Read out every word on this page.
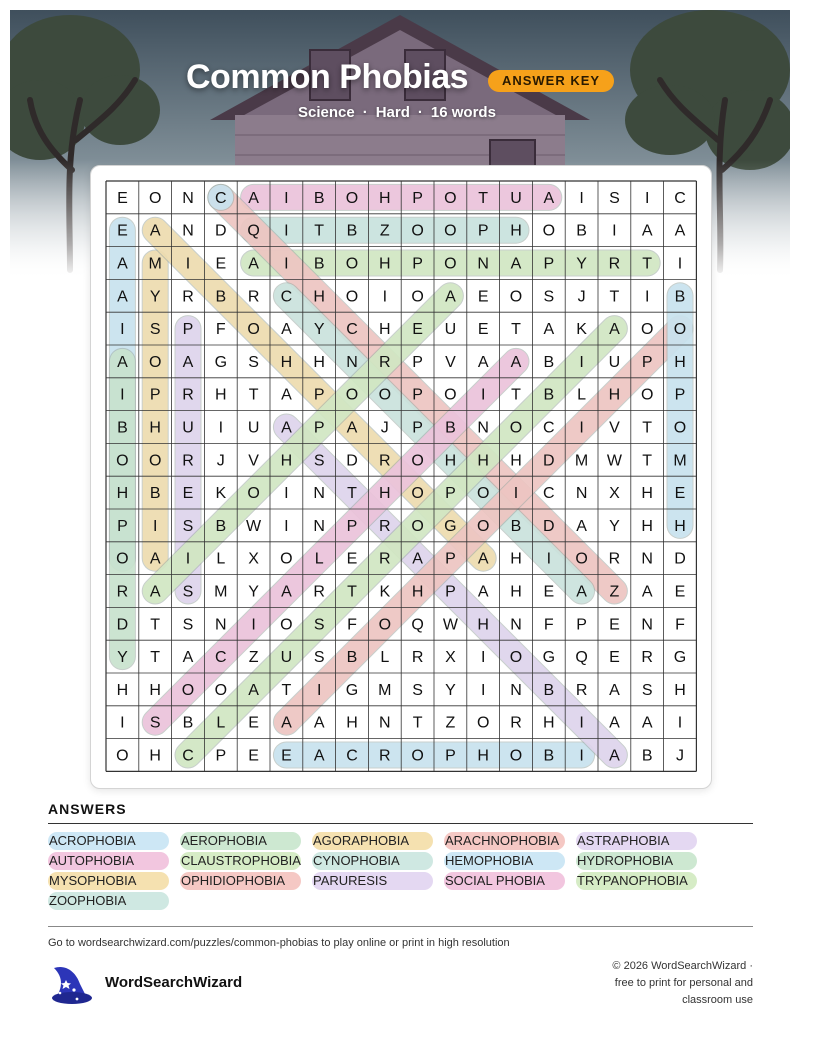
Common Phobias	ANSWER KEY
Science · Hard · 16 words
E O N C A I B O H P O T U A I S I C
E A N D Q I T B Z O O P H O B I A A
A M I E A I B O H P O N A P Y R T I
A Y R B R C H O I O A E O S J T I B
I S P F O A Y C H E U E T A K A O O
A O A G S H H N R P V A A B I U P H
I P R H T A P O O P O I T B L H O P
B H U I U A P A J P B N O C I V T O
O O R J V H S D R O H H H D M W T M
H B E K O I N T H O P O I C N X H E
P I S B W I N P R O G O B D A Y H H
O A I L X O L E R A P A H I O R N D
R A S M Y A R T K H P A H E A Z A E
D T S N I O S F O Q W H N F P E N F
Y T A C Z U S B L R X I O G Q E R G
H H O O A T I G M S Y I N B R A S H
I S B L E A A H N T Z O R H I A A I
O H C P E E A C R O P H O B I A B J
ANSWERS
ACROPHOBIA	AEROPHOBIA	AGORAPHOBIA	ARACHNOPHOBIA	ASTRAPHOBIA
AUTOPHOBIA	CLAUSTROPHOBIA CYNOPHOBIA	HEMOPHOBIA	HYDROPHOBIA
MYSOPHOBIA	OPHIDIOPHOBIA	PARURESIS	SOCIAL PHOBIA	TRYPANOPHOBIA
ZOOPHOBIA
Go to wordsearchwizard.com/puzzles/common-phobias to play online or print in high resolution
WordSearchWizard
© 2026 WordSearchWizard ·
free to print for personal and
classroom use
